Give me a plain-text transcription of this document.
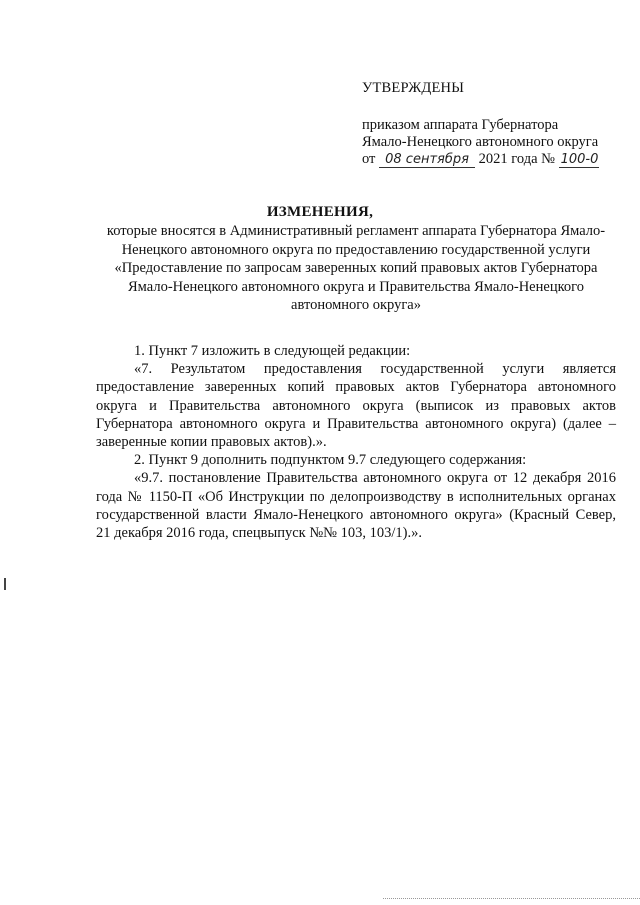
УТВЕРЖДЕНЫ
приказом аппарата Губернатора
Ямало-Ненецкого автономного округа
от 08 сентября 2021 года № 100-0
ИЗМЕНЕНИЯ,
которые вносятся в Административный регламент аппарата Губернатора Ямало-Ненецкого автономного округа по предоставлению государственной услуги «Предоставление по запросам заверенных копий правовых актов Губернатора Ямало-Ненецкого автономного округа и Правительства Ямало-Ненецкого автономного округа»

1. Пункт 7 изложить в следующей редакции:

«7. Результатом предоставления государственной услуги является предоставление заверенных копий правовых актов Губернатора автономного округа и Правительства автономного округа (выписок из правовых актов Губернатора автономного округа и Правительства автономного округа) (далее – заверенные копии правовых актов).».

2. Пункт 9 дополнить подпунктом 9.7 следующего содержания:

«9.7. постановление Правительства автономного округа от 12 декабря 2016 года № 1150-П «Об Инструкции по делопроизводству в исполнительных органах государственной власти Ямало-Ненецкого автономного округа» (Красный Север, 21 декабря 2016 года, спецвыпуск №№ 103, 103/1).».
